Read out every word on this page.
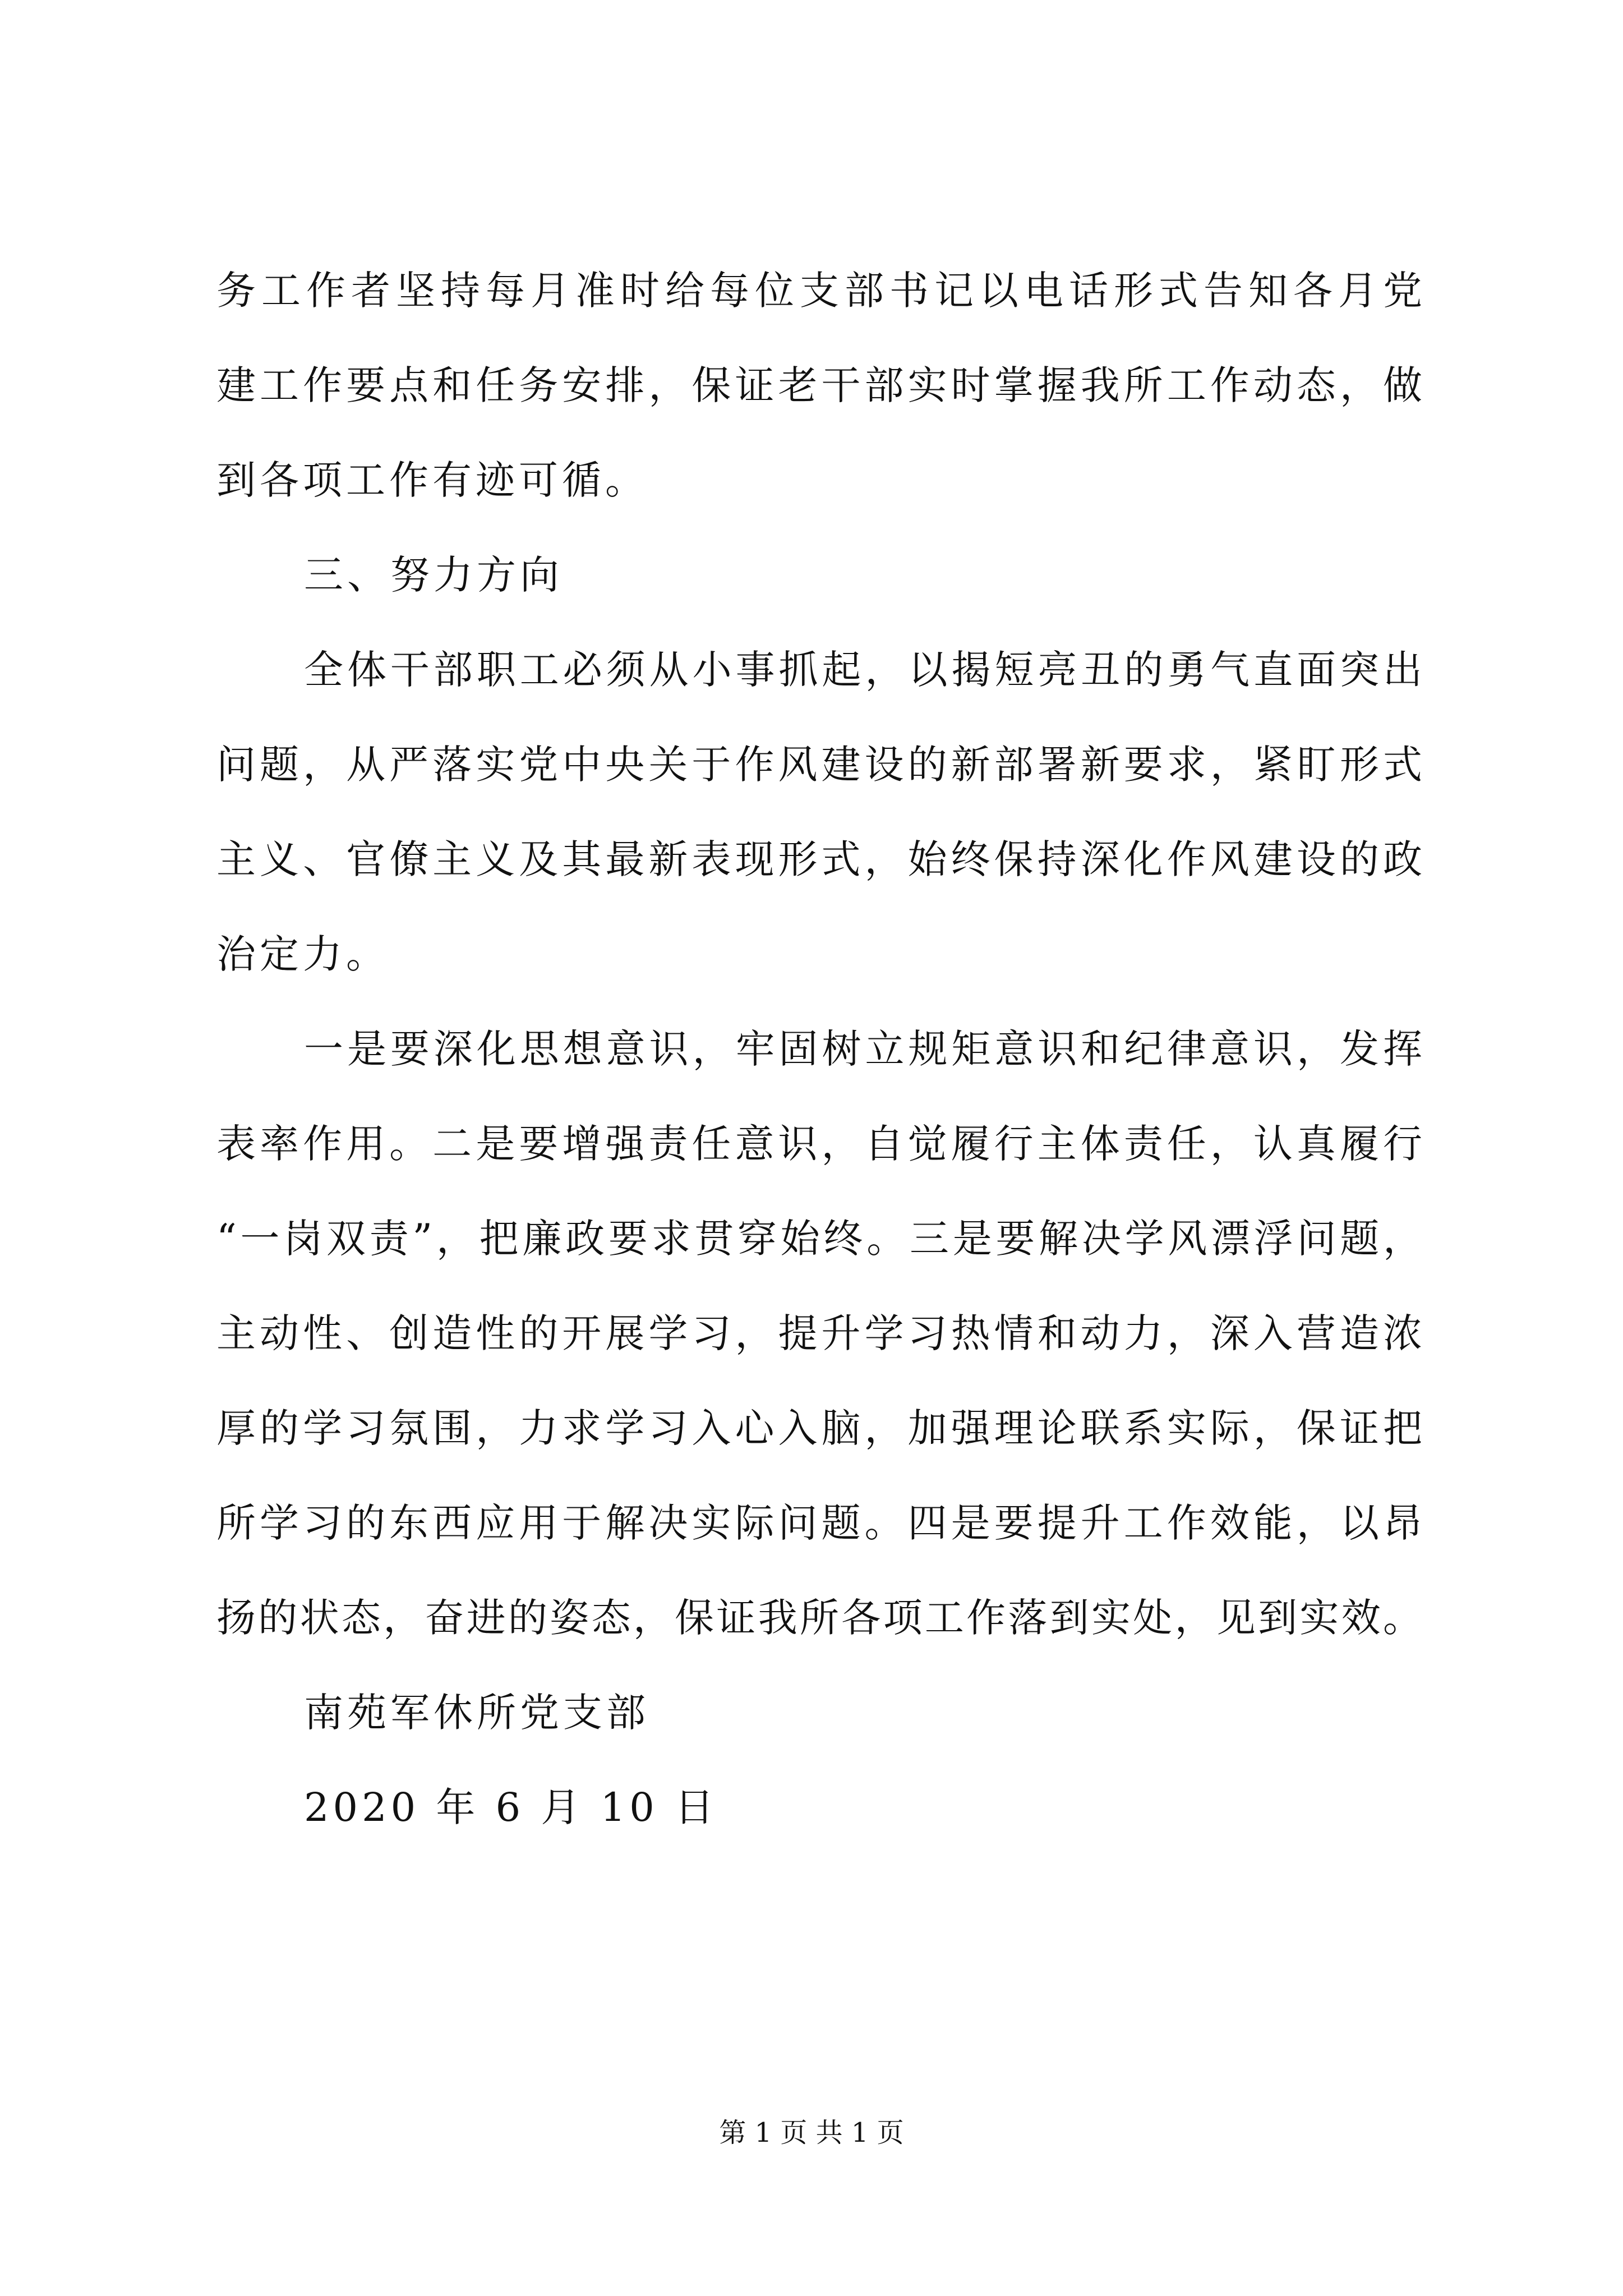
务工作者坚持每月准时给每位支部书记以电话形式告知各月党
建工作要点和任务安排，保证老干部实时掌握我所工作动态，做
到各项工作有迹可循。
三、努力方向
全体干部职工必须从小事抓起，以揭短亮丑的勇气直面突出
问题，从严落实党中央关于作风建设的新部署新要求，紧盯形式
主义、官僚主义及其最新表现形式，始终保持深化作风建设的政
治定力。
一是要深化思想意识，牢固树立规矩意识和纪律意识，发挥
表率作用。二是要增强责任意识，自觉履行主体责任，认真履行
“一岗双责”，把廉政要求贯穿始终。三是要解决学风漂浮问题，
主动性、创造性的开展学习，提升学习热情和动力，深入营造浓
厚的学习氛围，力求学习入心入脑，加强理论联系实际，保证把
所学习的东西应用于解决实际问题。四是要提升工作效能，以昂
扬的状态，奋进的姿态，保证我所各项工作落到实处，见到实效。
南苑军休所党支部
2020 年 6 月 10 日
第 1 页 共 1 页
